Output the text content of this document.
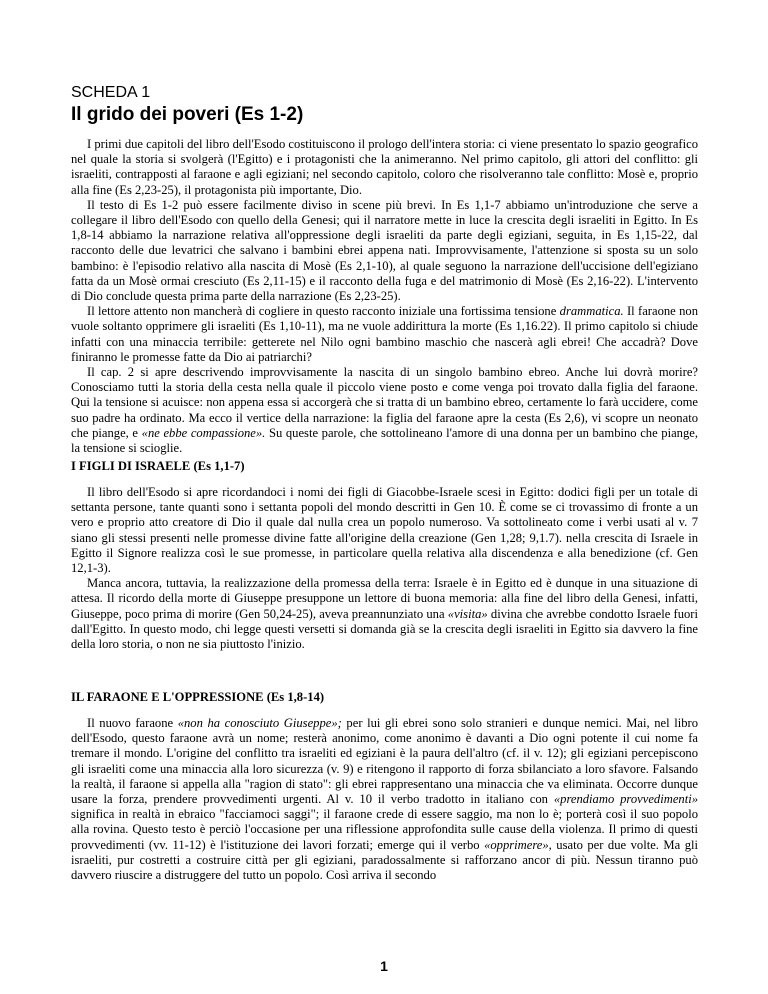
SCHEDA 1
Il grido dei poveri (Es 1-2)

I primi due capitoli del libro dell'Esodo costituiscono il prologo dell'intera storia: ci viene presentato lo spazio geografico nel quale la storia si svolgerà (l'Egitto) e i protagonisti che la animeranno. Nel primo capitolo, gli attori del conflitto: gli israeliti, contrapposti al faraone e agli egiziani; nel secondo capitolo, coloro che risolveranno tale conflitto: Mosè e, proprio alla fine (Es 2,23-25), il protagonista più importante, Dio.

Il testo di Es 1-2 può essere facilmente diviso in scene più brevi. In Es 1,1-7 abbiamo un'introduzione che serve a collegare il libro dell'Esodo con quello della Genesi; qui il narratore mette in luce la crescita degli israeliti in Egitto. In Es 1,8-14 abbiamo la narrazione relativa all'oppressione degli israeliti da parte degli egiziani, seguita, in Es 1,15-22, dal racconto delle due levatrici che salvano i bambini ebrei appena nati. Improvvisamente, l'attenzione si sposta su un solo bambino: è l'episodio relativo alla nascita di Mosè (Es 2,1-10), al quale seguono la narrazione dell'uccisione dell'egiziano fatta da un Mosè ormai cresciuto (Es 2,11-15) e il racconto della fuga e del matrimonio di Mosè (Es 2,16-22). L'intervento di Dio conclude questa prima parte della narrazione (Es 2,23-25).

Il lettore attento non mancherà di cogliere in questo racconto iniziale una fortissima tensione drammatica. Il faraone non vuole soltanto opprimere gli israeliti (Es 1,10-11), ma ne vuole addirittura la morte (Es 1,16.22). Il primo capitolo si chiude infatti con una minaccia terribile: getterete nel Nilo ogni bambino maschio che nascerà agli ebrei! Che accadrà? Dove finiranno le promesse fatte da Dio ai patriarchi?

Il cap. 2 si apre descrivendo improvvisamente la nascita di un singolo bambino ebreo. Anche lui dovrà morire? Conosciamo tutti la storia della cesta nella quale il piccolo viene posto e come venga poi trovato dalla figlia del faraone. Qui la tensione si acuisce: non appena essa si accorgerà che si tratta di un bambino ebreo, certamente lo farà uccidere, come suo padre ha ordinato. Ma ecco il vertice della narrazione: la figlia del faraone apre la cesta (Es 2,6), vi scopre un neonato che piange, e «ne ebbe compassione». Su queste parole, che sottolineano l'amore di una donna per un bambino che piange, la tensione si scioglie.

I FIGLI DI ISRAELE (Es 1,1-7)

Il libro dell'Esodo si apre ricordandoci i nomi dei figli di Giacobbe-Israele scesi in Egitto: dodici figli per un totale di settanta persone, tante quanti sono i settanta popoli del mondo descritti in Gen 10. È come se ci trovassimo di fronte a un vero e proprio atto creatore di Dio il quale dal nulla crea un popolo numeroso. Va sottolineato come i verbi usati al v. 7 siano gli stessi presenti nelle promesse divine fatte all'origine della creazione (Gen 1,28; 9,1.7). nella crescita di Israele in Egitto il Signore realizza così le sue promesse, in particolare quella relativa alla discendenza e alla benedizione (cf. Gen 12,1-3).

Manca ancora, tuttavia, la realizzazione della promessa della terra: Israele è in Egitto ed è dunque in una situazione di attesa. Il ricordo della morte di Giuseppe presuppone un lettore di buona memoria: alla fine del libro della Genesi, infatti, Giuseppe, poco prima di morire (Gen 50,24-25), aveva preannunziato una «visita» divina che avrebbe condotto Israele fuori dall'Egitto. In questo modo, chi legge questi versetti si domanda già se la crescita degli israeliti in Egitto sia davvero la fine della loro storia, o non ne sia piuttosto l'inizio.

IL FARAONE E L'OPPRESSIONE (Es 1,8-14)

Il nuovo faraone «non ha conosciuto Giuseppe»; per lui gli ebrei sono solo stranieri e dunque nemici. Mai, nel libro dell'Esodo, questo faraone avrà un nome; resterà anonimo, come anonimo è davanti a Dio ogni potente il cui nome fa tremare il mondo. L'origine del conflitto tra israeliti ed egiziani è la paura dell'altro (cf. il v. 12); gli egiziani percepiscono gli israeliti come una minaccia alla loro sicurezza (v. 9) e ritengono il rapporto di forza sbilanciato a loro sfavore. Falsando la realtà, il faraone si appella alla "ragion di stato": gli ebrei rappresentano una minaccia che va eliminata. Occorre dunque usare la forza, prendere provvedimenti urgenti. Al v. 10 il verbo tradotto in italiano con «prendiamo provvedimenti» significa in realtà in ebraico "facciamoci saggi"; il faraone crede di essere saggio, ma non lo è; porterà così il suo popolo alla rovina. Questo testo è perciò l'occasione per una riflessione approfondita sulle cause della violenza. Il primo di questi provvedimenti (vv. 11-12) è l'istituzione dei lavori forzati; emerge qui il verbo «opprimere», usato per due volte. Ma gli israeliti, pur costretti a costruire città per gli egiziani, paradossalmente si rafforzano ancor di più. Nessun tiranno può davvero riuscire a distruggere del tutto un popolo. Così arriva il secondo

1
